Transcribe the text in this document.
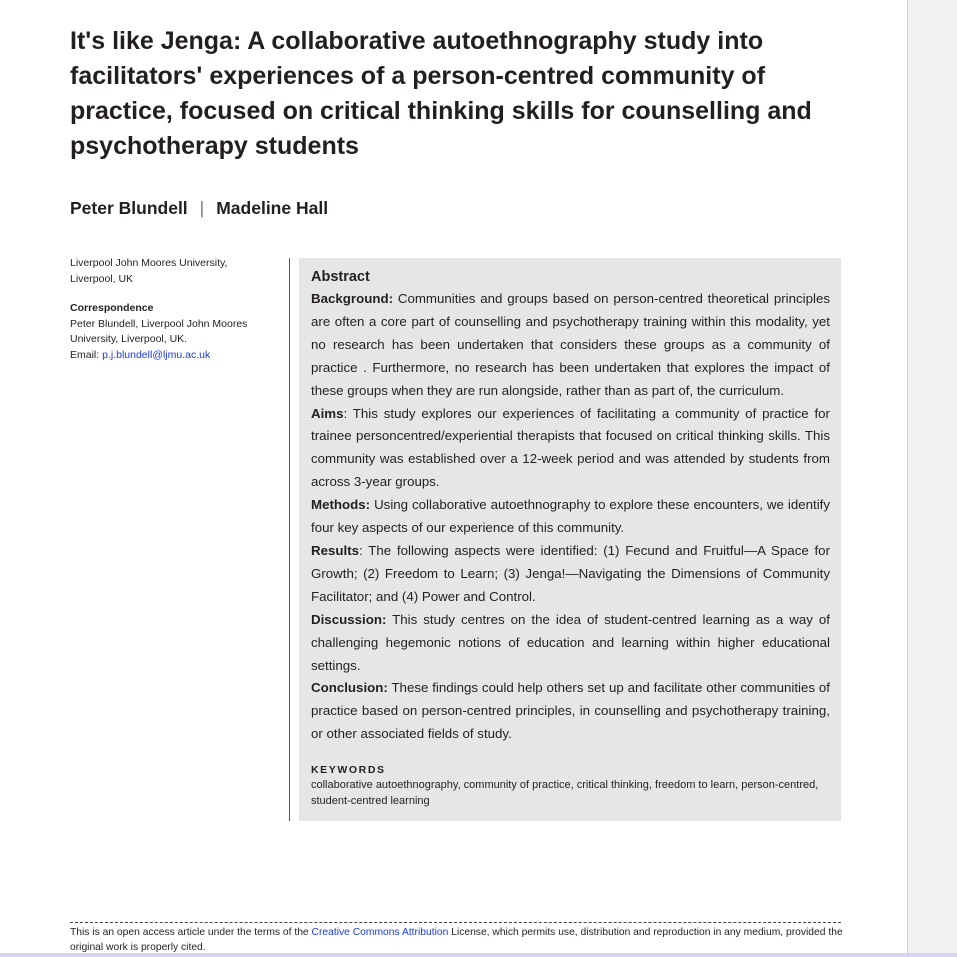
It's like Jenga: A collaborative autoethnography study into facilitators' experiences of a person-centred community of practice, focused on critical thinking skills for counselling and psychotherapy students
Peter Blundell | Madeline Hall
Liverpool John Moores University, Liverpool, UK
Correspondence
Peter Blundell, Liverpool John Moores University, Liverpool, UK.
Email: p.j.blundell@ljmu.ac.uk
Abstract

Background: Communities and groups based on person-centred theoretical principles are often a core part of counselling and psychotherapy training within this modality, yet no research has been undertaken that considers these groups as a community of practice . Furthermore, no research has been undertaken that explores the impact of these groups when they are run alongside, rather than as part of, the curriculum.

Aims: This study explores our experiences of facilitating a community of practice for trainee personcentred/experiential therapists that focused on critical thinking skills. This community was established over a 12-week period and was attended by students from across 3-year groups.

Methods: Using collaborative autoethnography to explore these encounters, we identify four key aspects of our experience of this community.

Results: The following aspects were identified: (1) Fecund and Fruitful—A Space for Growth; (2) Freedom to Learn; (3) Jenga!—Navigating the Dimensions of Community Facilitator; and (4) Power and Control.

Discussion: This study centres on the idea of student-centred learning as a way of challenging hegemonic notions of education and learning within higher educational settings.

Conclusion: These findings could help others set up and facilitate other communities of practice based on person-centred principles, in counselling and psychotherapy training, or other associated fields of study.

KEYWORDS
collaborative autoethnography, community of practice, critical thinking, freedom to learn, person-centred, student-centred learning
This is an open access article under the terms of the Creative Commons Attribution License, which permits use, distribution and reproduction in any medium, provided the original work is properly cited.
